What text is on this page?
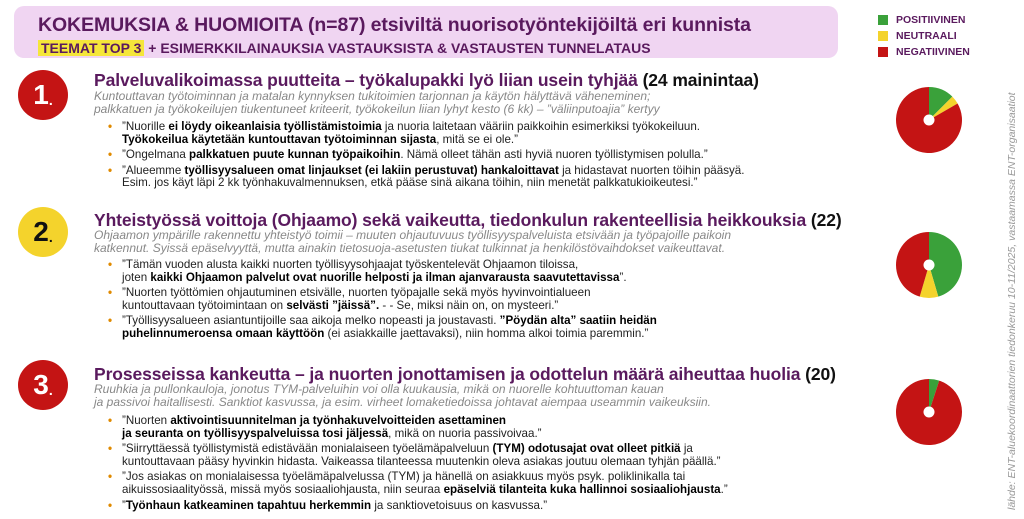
KOKEMUKSIA & HUOMIOITA (n=87) etsiviltä nuorisotyöntekijöiltä eri kunnista
TEEMAT TOP 3 + ESIMERKKILAINAUKSIA VASTAUKSISTA & VASTAUSTEN TUNNELATAUS
POSITIIVINEN
NEUTRAALI
NEGATIIVINEN
lähde: ENT-aluekoordinaattorien tiedonkeruu 10-11/2025, vastaamassa ENT-organisaatiot
1 .
Palveluvalikoimassa puutteita – työkalupakki lyö liian usein tyhjää (24 mainintaa)
Kuntouttavan työtoiminnan ja matalan kynnyksen tukitoimien tarjonnan ja käytön hälyttävä väheneminen;
palkkatuen ja työkokeilujen tiukentuneet kriteerit, työkokeilun liian lyhyt kesto (6 kk) – ”väliinputoajia” kertyy
• ”Nuorille ei löydy oikeanlaisia työllistämistoimia ja nuoria laitetaan vääriin paikkoihin esimerkiksi työkokeiluun.
Työkokeilua käytetään kuntouttavan työtoiminnan sijasta, mitä se ei ole.”
• ”Ongelmana palkkatuen puute kunnan työpaikoihin. Nämä olleet tähän asti hyviä nuoren työllistymisen polulla.”
• ”Alueemme työllisyysalueen omat linjaukset (ei lakiin perustuvat) hankaloittavat ja hidastavat nuorten töihin pääsyä.
Esim. jos käyt läpi 2 kk työnhakuvalmennuksen, etkä pääse sinä aikana töihin, niin menetät palkkatukioikeutesi.”
2 .
Yhteistyössä voittoja (Ohjaamo) sekä vaikeutta, tiedonkulun rakenteellisia heikkouksia (22)
Ohjaamon ympärille rakennettu yhteistyö toimii – muuten ohjautuvuus työllisyyspalveluista etsivään ja työpajoille paikoin
katkennut. Syissä epäselvyyttä, mutta ainakin tietosuoja-asetusten tiukat tulkinnat ja henkilöstövaihdokset vaikeuttavat.
• ”Tämän vuoden alusta kaikki nuorten työllisyysohjaajat työskentelevät Ohjaamon tiloissa,
joten kaikki Ohjaamon palvelut ovat nuorille helposti ja ilman ajanvarausta saavutettavissa”.
• ”Nuorten työttömien ohjautuminen etsivälle, nuorten työpajalle sekä myös hyvinvointialueen
kuntouttavaan työtoimintaan on selvästi ”jäissä”. - - Se, miksi näin on, on mysteeri.”
• ”Työllisyysalueen asiantuntijoille saa aikoja melko nopeasti ja joustavasti. ”Pöydän alta” saatiin heidän
puhelinnumeroensa omaan käyttöön (ei asiakkaille jaettavaksi), niin homma alkoi toimia paremmin.”
3 .
Prosesseissa kankeutta – ja nuorten jonottamisen ja odottelun määrä aiheuttaa huolia (20)
Ruuhkia ja pullonkauloja, jonotus TYM-palveluihin voi olla kuukausia, mikä on nuorelle kohtuuttoman kauan
ja passivoi haitallisesti. Sanktiot kasvussa, ja esim. virheet lomaketiedoissa johtavat aiempaa useammin vaikeuksiin.
• ”Nuorten aktivointisuunnitelman ja työnhakuvelvoitteiden asettaminen
ja seuranta on työllisyyspalveluissa tosi jäljessä, mikä on nuoria passivoivaa.”
• ”Siirryttäessä työllistymistä edistävään monialaiseen työelämäpalveluun (TYM) odotusajat ovat olleet pitkiä ja
kuntouttavaan pääsy hyvinkin hidasta. Vaikeassa tilanteessa muutenkin oleva asiakas joutuu olemaan tyhjän päällä.”
• ”Jos asiakas on monialaisessa työelämäpalvelussa (TYM) ja hänellä on asiakkuus myös psyk. poliklinikalla tai
aikuissosiaalityössä, missä myös sosiaaliohjausta, niin seuraa epäselviä tilanteita kuka hallinnoi sosiaaliohjausta.”
• ”Työnhaun katkeaminen tapahtuu herkemmin ja sanktiovetoisuus on kasvussa.”
